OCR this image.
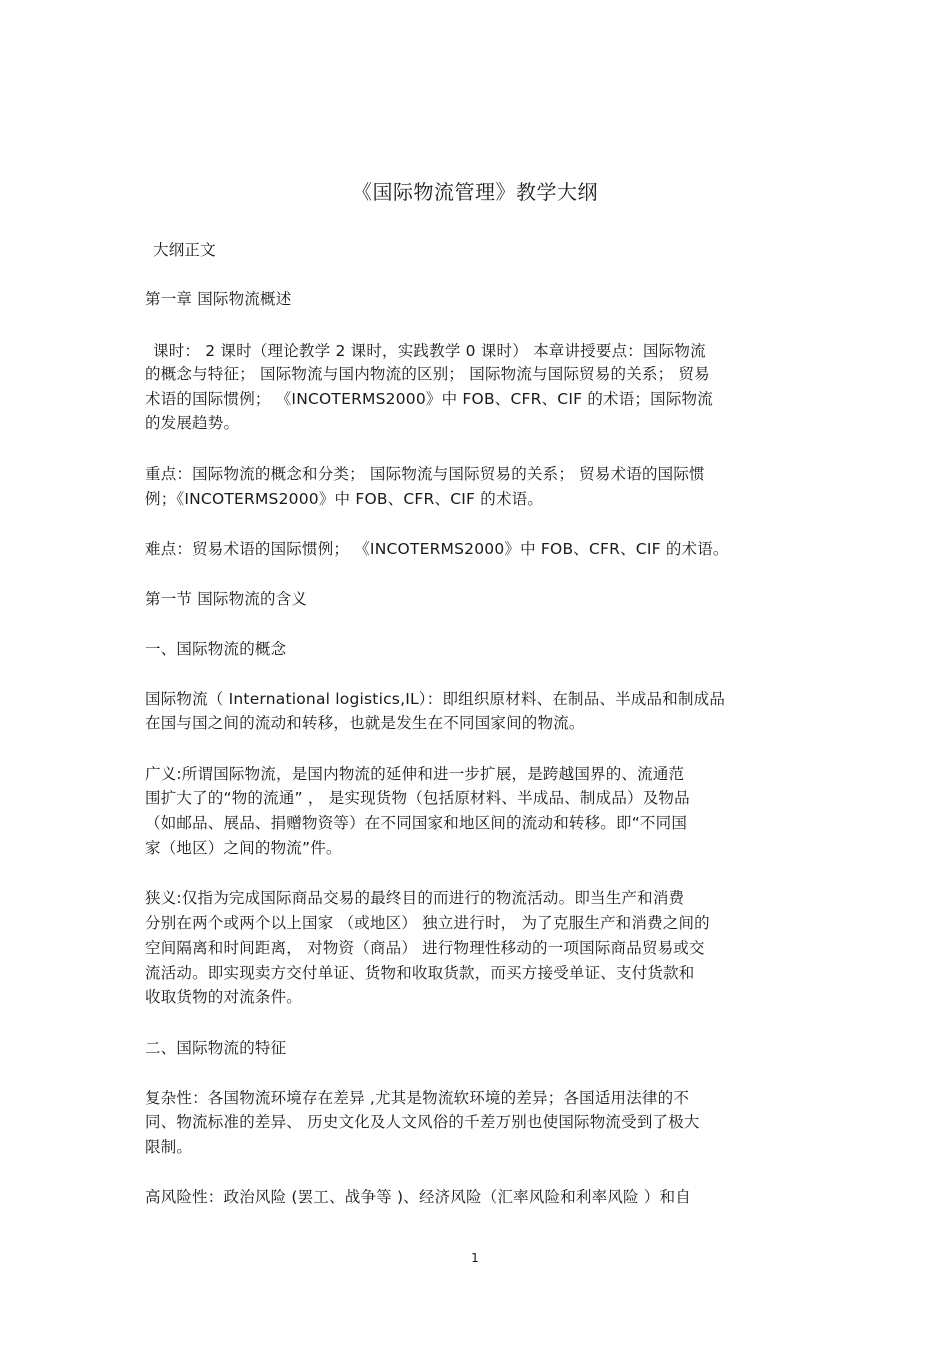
《国际物流管理》教学大纲
大纲正文
第一章 国际物流概述
课时： 2 课时（理论教学 2 课时，实践教学 0 课时） 本章讲授要点：国际物流
的概念与特征； 国际物流与国内物流的区别； 国际物流与国际贸易的关系； 贸易
术语的国际惯例； 《INCOTERMS2000》中 FOB、CFR、CIF 的术语；国际物流
的发展趋势。
重点：国际物流的概念和分类； 国际物流与国际贸易的关系； 贸易术语的国际惯
例；《INCOTERMS2000》中 FOB、CFR、CIF 的术语。
难点：贸易术语的国际惯例； 《INCOTERMS2000》中 FOB、CFR、CIF 的术语。
第一节 国际物流的含义
一、国际物流的概念
国际物流（ International logistics,IL）：即组织原材料、在制品、半成品和制成品
在国与国之间的流动和转移，也就是发生在不同国家间的物流。
广义:所谓国际物流，是国内物流的延伸和进一步扩展，是跨越国界的、流通范
围扩大了的“物的流通” ， 是实现货物（包括原材料、半成品、制成品）及物品
（如邮品、展品、捐赠物资等）在不同国家和地区间的流动和转移。即“不同国
家（地区）之间的物流”件。
狭义:仅指为完成国际商品交易的最终目的而进行的物流活动。即当生产和消费
分别在两个或两个以上国家 （或地区） 独立进行时， 为了克服生产和消费之间的
空间隔离和时间距离， 对物资（商品） 进行物理性移动的一项国际商品贸易或交
流活动。即实现卖方交付单证、货物和收取货款，而买方接受单证、支付货款和
收取货物的对流条件。
二、国际物流的特征
复杂性：各国物流环境存在差异 ,尤其是物流软环境的差异；各国适用法律的不
同、物流标准的差异、 历史文化及人文风俗的千差万别也使国际物流受到了极大
限制。
高风险性：政治风险 (罢工、战争等 )、经济风险（汇率风险和利率风险 ）和自
1
